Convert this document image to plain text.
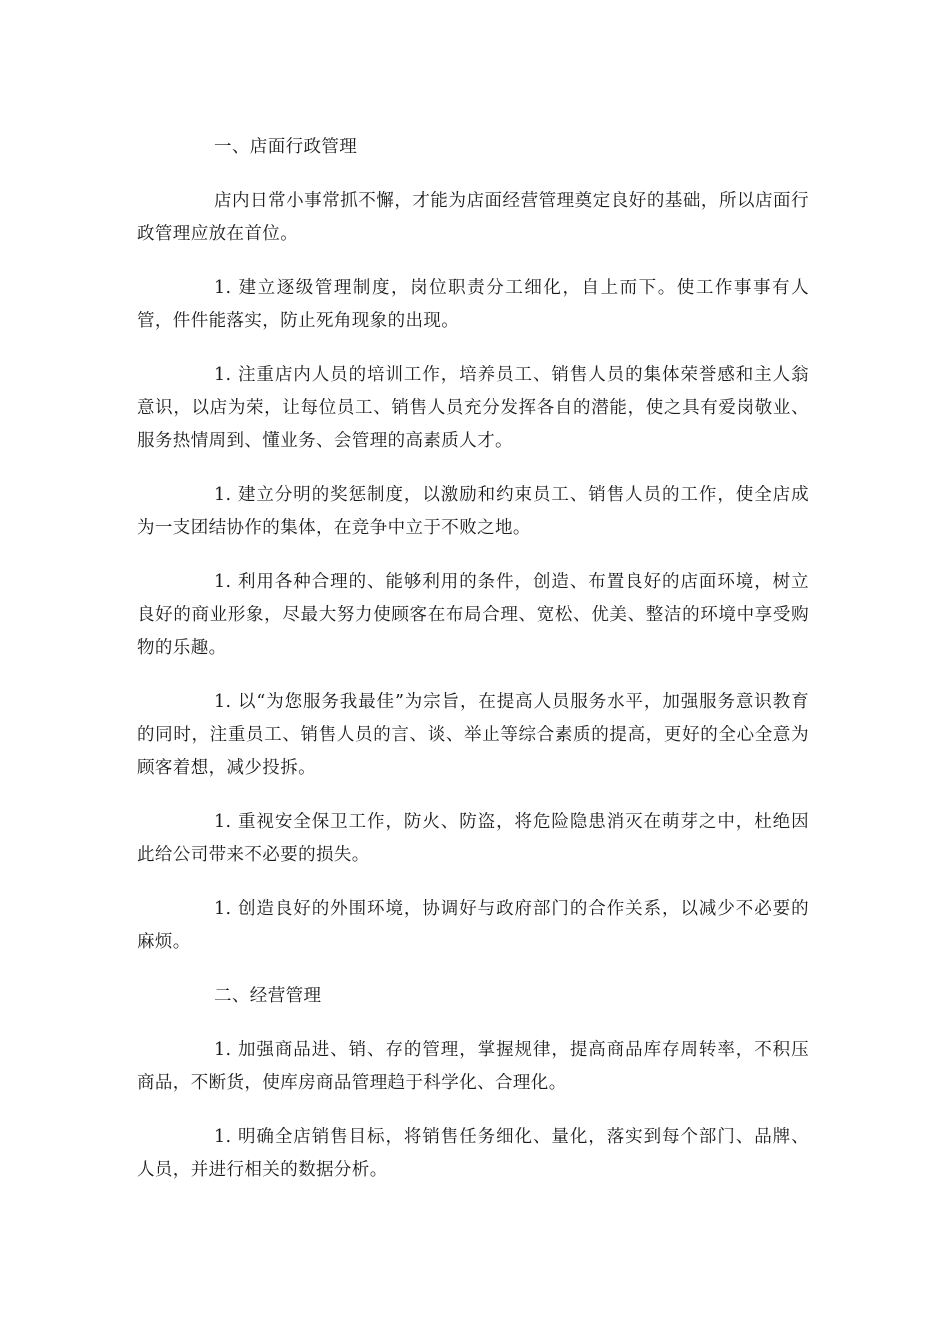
一、店面行政管理

店内日常小事常抓不懈，才能为店面经营管理奠定良好的基础，所以店面行政管理应放在首位。

1. 建立逐级管理制度，岗位职责分工细化，自上而下。使工作事事有人管，件件能落实，防止死角现象的出现。

1. 注重店内人员的培训工作，培养员工、销售人员的集体荣誉感和主人翁意识，以店为荣，让每位员工、销售人员充分发挥各自的潜能，使之具有爱岗敬业、服务热情周到、懂业务、会管理的高素质人才。

1. 建立分明的奖惩制度，以激励和约束员工、销售人员的工作，使全店成为一支团结协作的集体，在竞争中立于不败之地。

1. 利用各种合理的、能够利用的条件，创造、布置良好的店面环境，树立良好的商业形象，尽最大努力使顾客在布局合理、宽松、优美、整洁的环境中享受购物的乐趣。

1. 以“为您服务我最佳”为宗旨，在提高人员服务水平，加强服务意识教育的同时，注重员工、销售人员的言、谈、举止等综合素质的提高，更好的全心全意为顾客着想，减少投拆。

1. 重视安全保卫工作，防火、防盗，将危险隐患消灭在萌芽之中，杜绝因此给公司带来不必要的损失。

1. 创造良好的外围环境，协调好与政府部门的合作关系，以减少不必要的麻烦。

二、经营管理

1. 加强商品进、销、存的管理，掌握规律，提高商品库存周转率，不积压商品，不断货，使库房商品管理趋于科学化、合理化。

1. 明确全店销售目标，将销售任务细化、量化，落实到每个部门、品牌、人员，并进行相关的数据分析。
